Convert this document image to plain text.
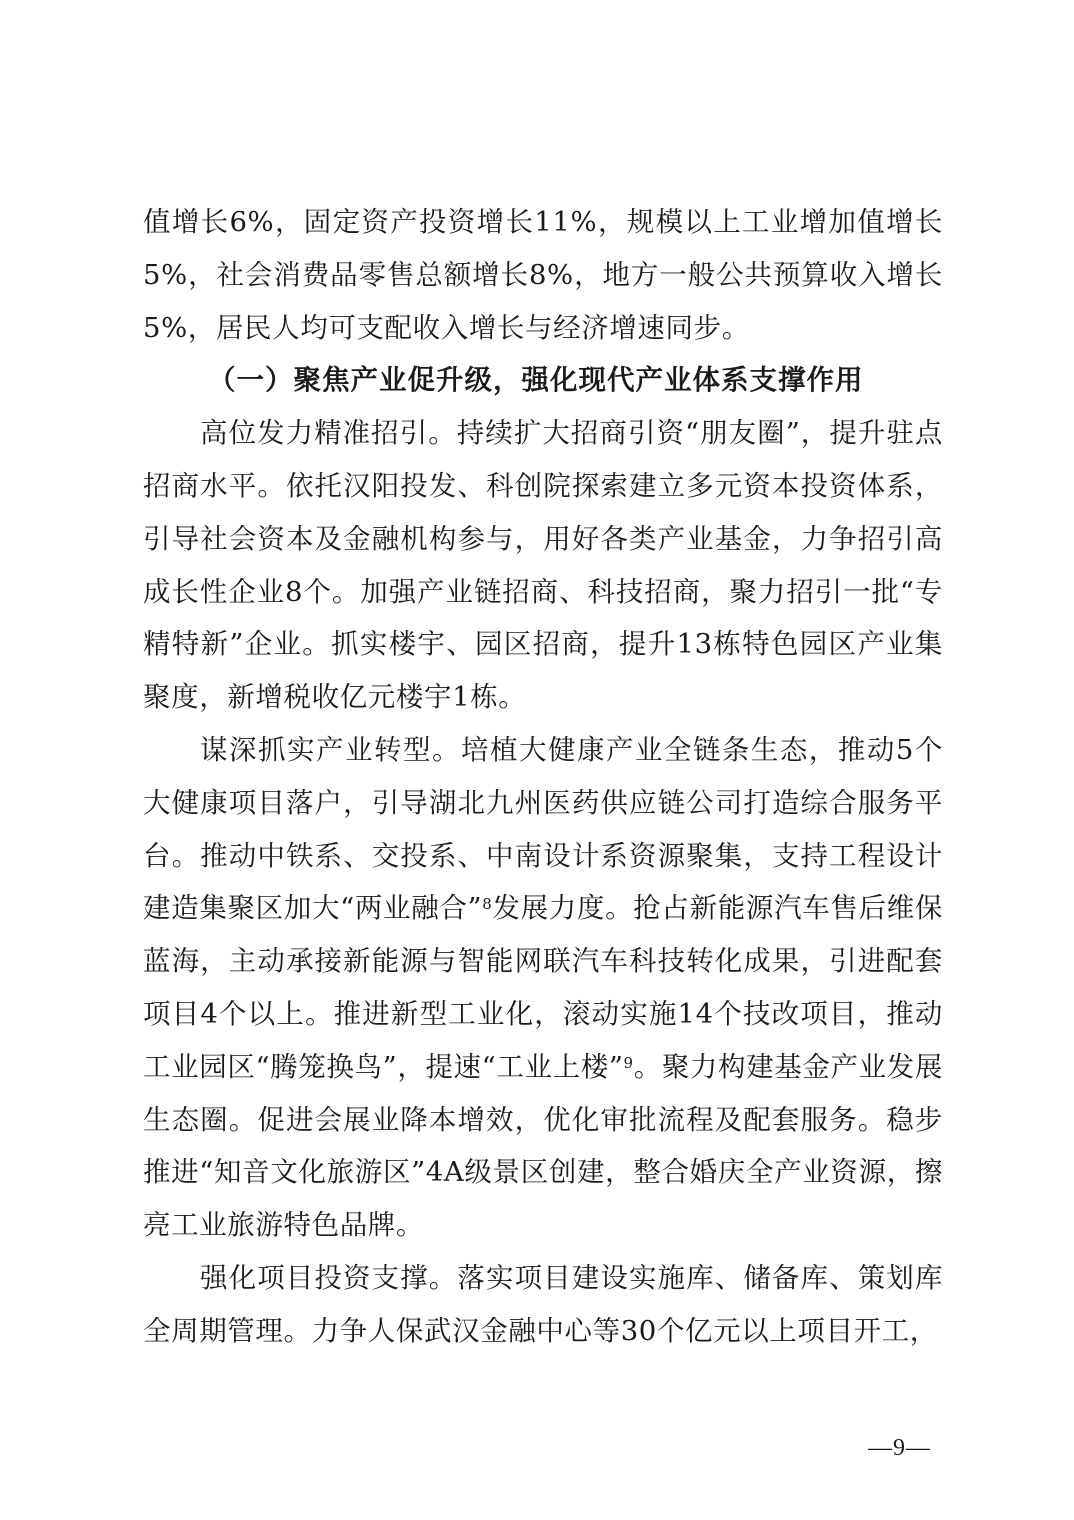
值增长6%，固定资产投资增长11%，规模以上工业增加值增长5%，社会消费品零售总额增长8%，地方一般公共预算收入增长5%，居民人均可支配收入增长与经济增速同步。

（一）聚焦产业促升级，强化现代产业体系支撑作用

高位发力精准招引。持续扩大招商引资“朋友圈”，提升驻点招商水平。依托汉阳投发、科创院探索建立多元资本投资体系，引导社会资本及金融机构参与，用好各类产业基金，力争招引高成长性企业8个。加强产业链招商、科技招商，聚力招引一批“专精特新”企业。抓实楼宇、园区招商，提升13栋特色园区产业集聚度，新增税收亿元楼宇1栋。

谋深抓实产业转型。培植大健康产业全链条生态，推动5个大健康项目落户，引导湖北九州医药供应链公司打造综合服务平台。推动中铁系、交投系、中南设计系资源聚集，支持工程设计建造集聚区加大“两业融合”$^8$发展力度。抢占新能源汽车售后维保蓝海，主动承接新能源与智能网联汽车科技转化成果，引进配套项目4个以上。推进新型工业化，滚动实施14个技改项目，推动工业园区“腾笼换鸟”，提速“工业上楼”$^9$。聚力构建基金产业发展生态圈。促进会展业降本增效，优化审批流程及配套服务。稳步推进“知音文化旅游区”4A级景区创建，整合婚庆全产业资源，擦亮工业旅游特色品牌。

强化项目投资支撑。落实项目建设实施库、储备库、策划库全周期管理。力争人保武汉金融中心等30个亿元以上项目开工，

—9—
